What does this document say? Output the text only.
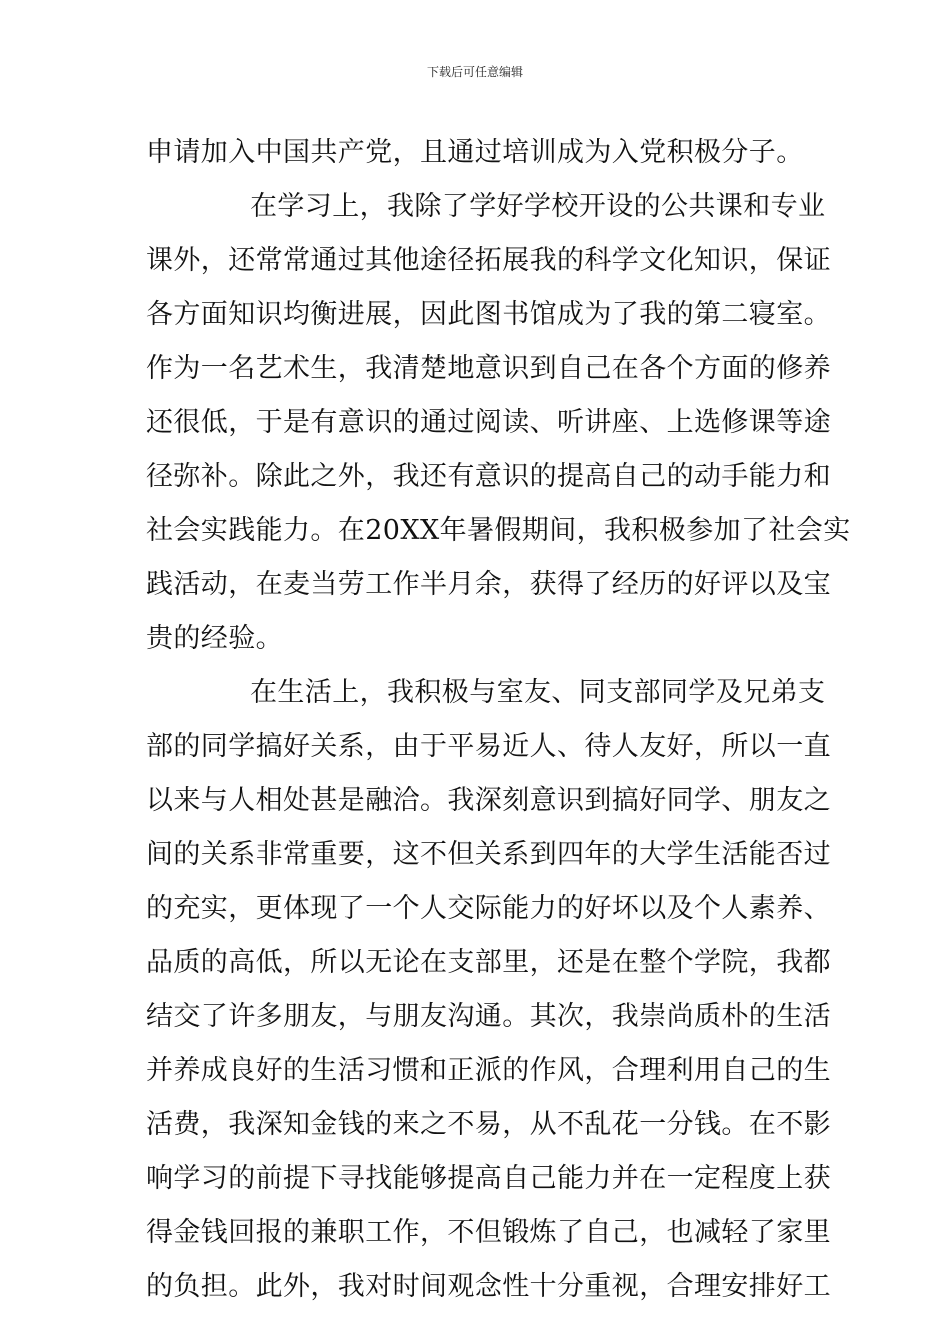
下载后可任意编辑
申请加入中国共产党，且通过培训成为入党积极分子。
在学习上，我除了学好学校开设的公共课和专业
课外，还常常通过其他途径拓展我的科学文化知识，保证
各方面知识均衡进展，因此图书馆成为了我的第二寝室。
作为一名艺术生，我清楚地意识到自己在各个方面的修养
还很低，于是有意识的通过阅读、听讲座、上选修课等途
径弥补。除此之外，我还有意识的提高自己的动手能力和
社会实践能力。在20XX年暑假期间，我积极参加了社会实
践活动，在麦当劳工作半月余，获得了经历的好评以及宝
贵的经验。
在生活上，我积极与室友、同支部同学及兄弟支
部的同学搞好关系，由于平易近人、待人友好，所以一直
以来与人相处甚是融洽。我深刻意识到搞好同学、朋友之
间的关系非常重要，这不但关系到四年的大学生活能否过
的充实，更体现了一个人交际能力的好坏以及个人素养、
品质的高低，所以无论在支部里，还是在整个学院，我都
结交了许多朋友，与朋友沟通。其次，我崇尚质朴的生活
并养成良好的生活习惯和正派的作风，合理利用自己的生
活费，我深知金钱的来之不易，从不乱花一分钱。在不影
响学习的前提下寻找能够提高自己能力并在一定程度上获
得金钱回报的兼职工作，不但锻炼了自己，也减轻了家里
的负担。此外，我对时间观念性十分重视，合理安排好工
